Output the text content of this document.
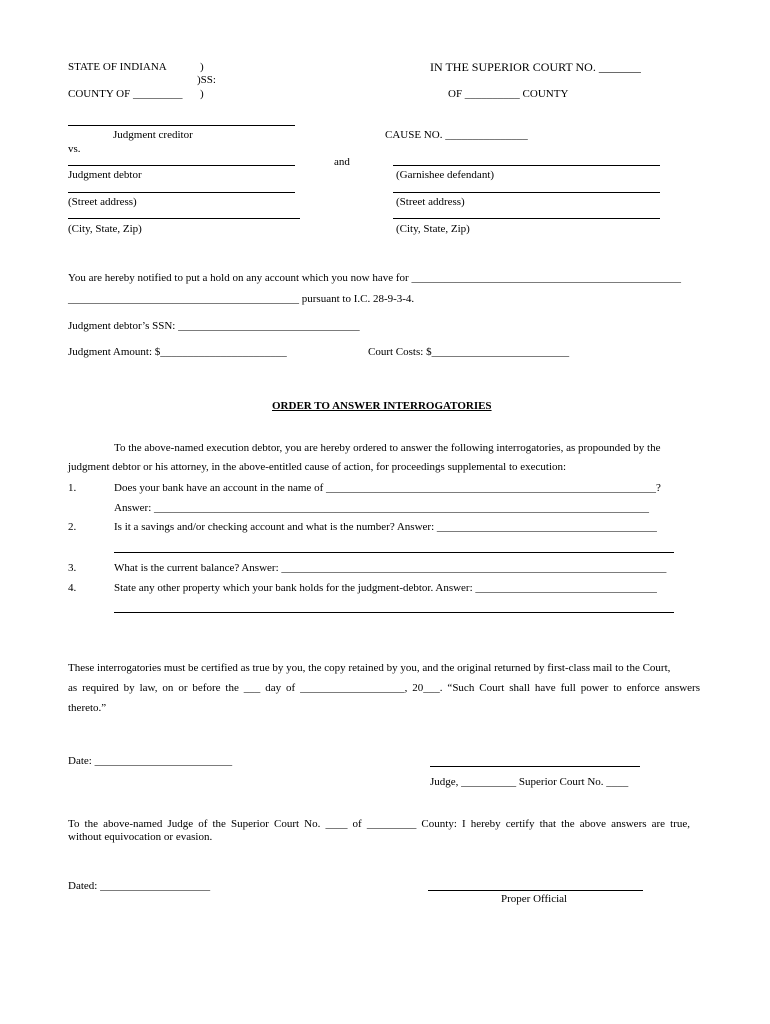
STATE OF INDIANA	)
)SS:
COUNTY OF _________ )
IN THE SUPERIOR COURT NO. _______
OF __________ COUNTY
Judgment creditor	CAUSE NO. _______________
vs.
and
Judgment debtor	(Garnishee defendant)
(Street address)	(Street address)
(City, State, Zip)	(City, State, Zip)
You are hereby notified to put a hold on any account which you now have for _________________________________________________
__________________________________________ pursuant to I.C. 28-9-3-4.
Judgment debtor’s SSN: _________________________________
Judgment Amount: $_______________________	Court Costs: $_________________________
ORDER TO ANSWER INTERROGATORIES
To the above-named execution debtor, you are hereby ordered to answer the following interrogatories, as propounded by the
judgment debtor or his attorney, in the above-entitled cause of action, for proceedings supplemental to execution:
1.	Does your bank have an account in the name of ____________________________________________________________?
Answer: __________________________________________________________________________________________
2.	Is it a savings and/or checking account and what is the number? Answer: ________________________________________
3.	What is the current balance? Answer: ______________________________________________________________________
4.	State any other property which your bank holds for the judgment-debtor. Answer: _________________________________
These interrogatories must be certified as true by you, the copy retained by you, and the original returned by first-class mail to the Court,
as required by law, on or before the ___ day of ___________________, 20___. “Such Court shall have full power to enforce answers
thereto.”
Date: _________________________
Judge, __________ Superior Court No. ____
To the above-named Judge of the Superior Court No. ____ of _________ County: I hereby certify that the above answers are true,
without equivocation or evasion.
Dated: ____________________
Proper Official
